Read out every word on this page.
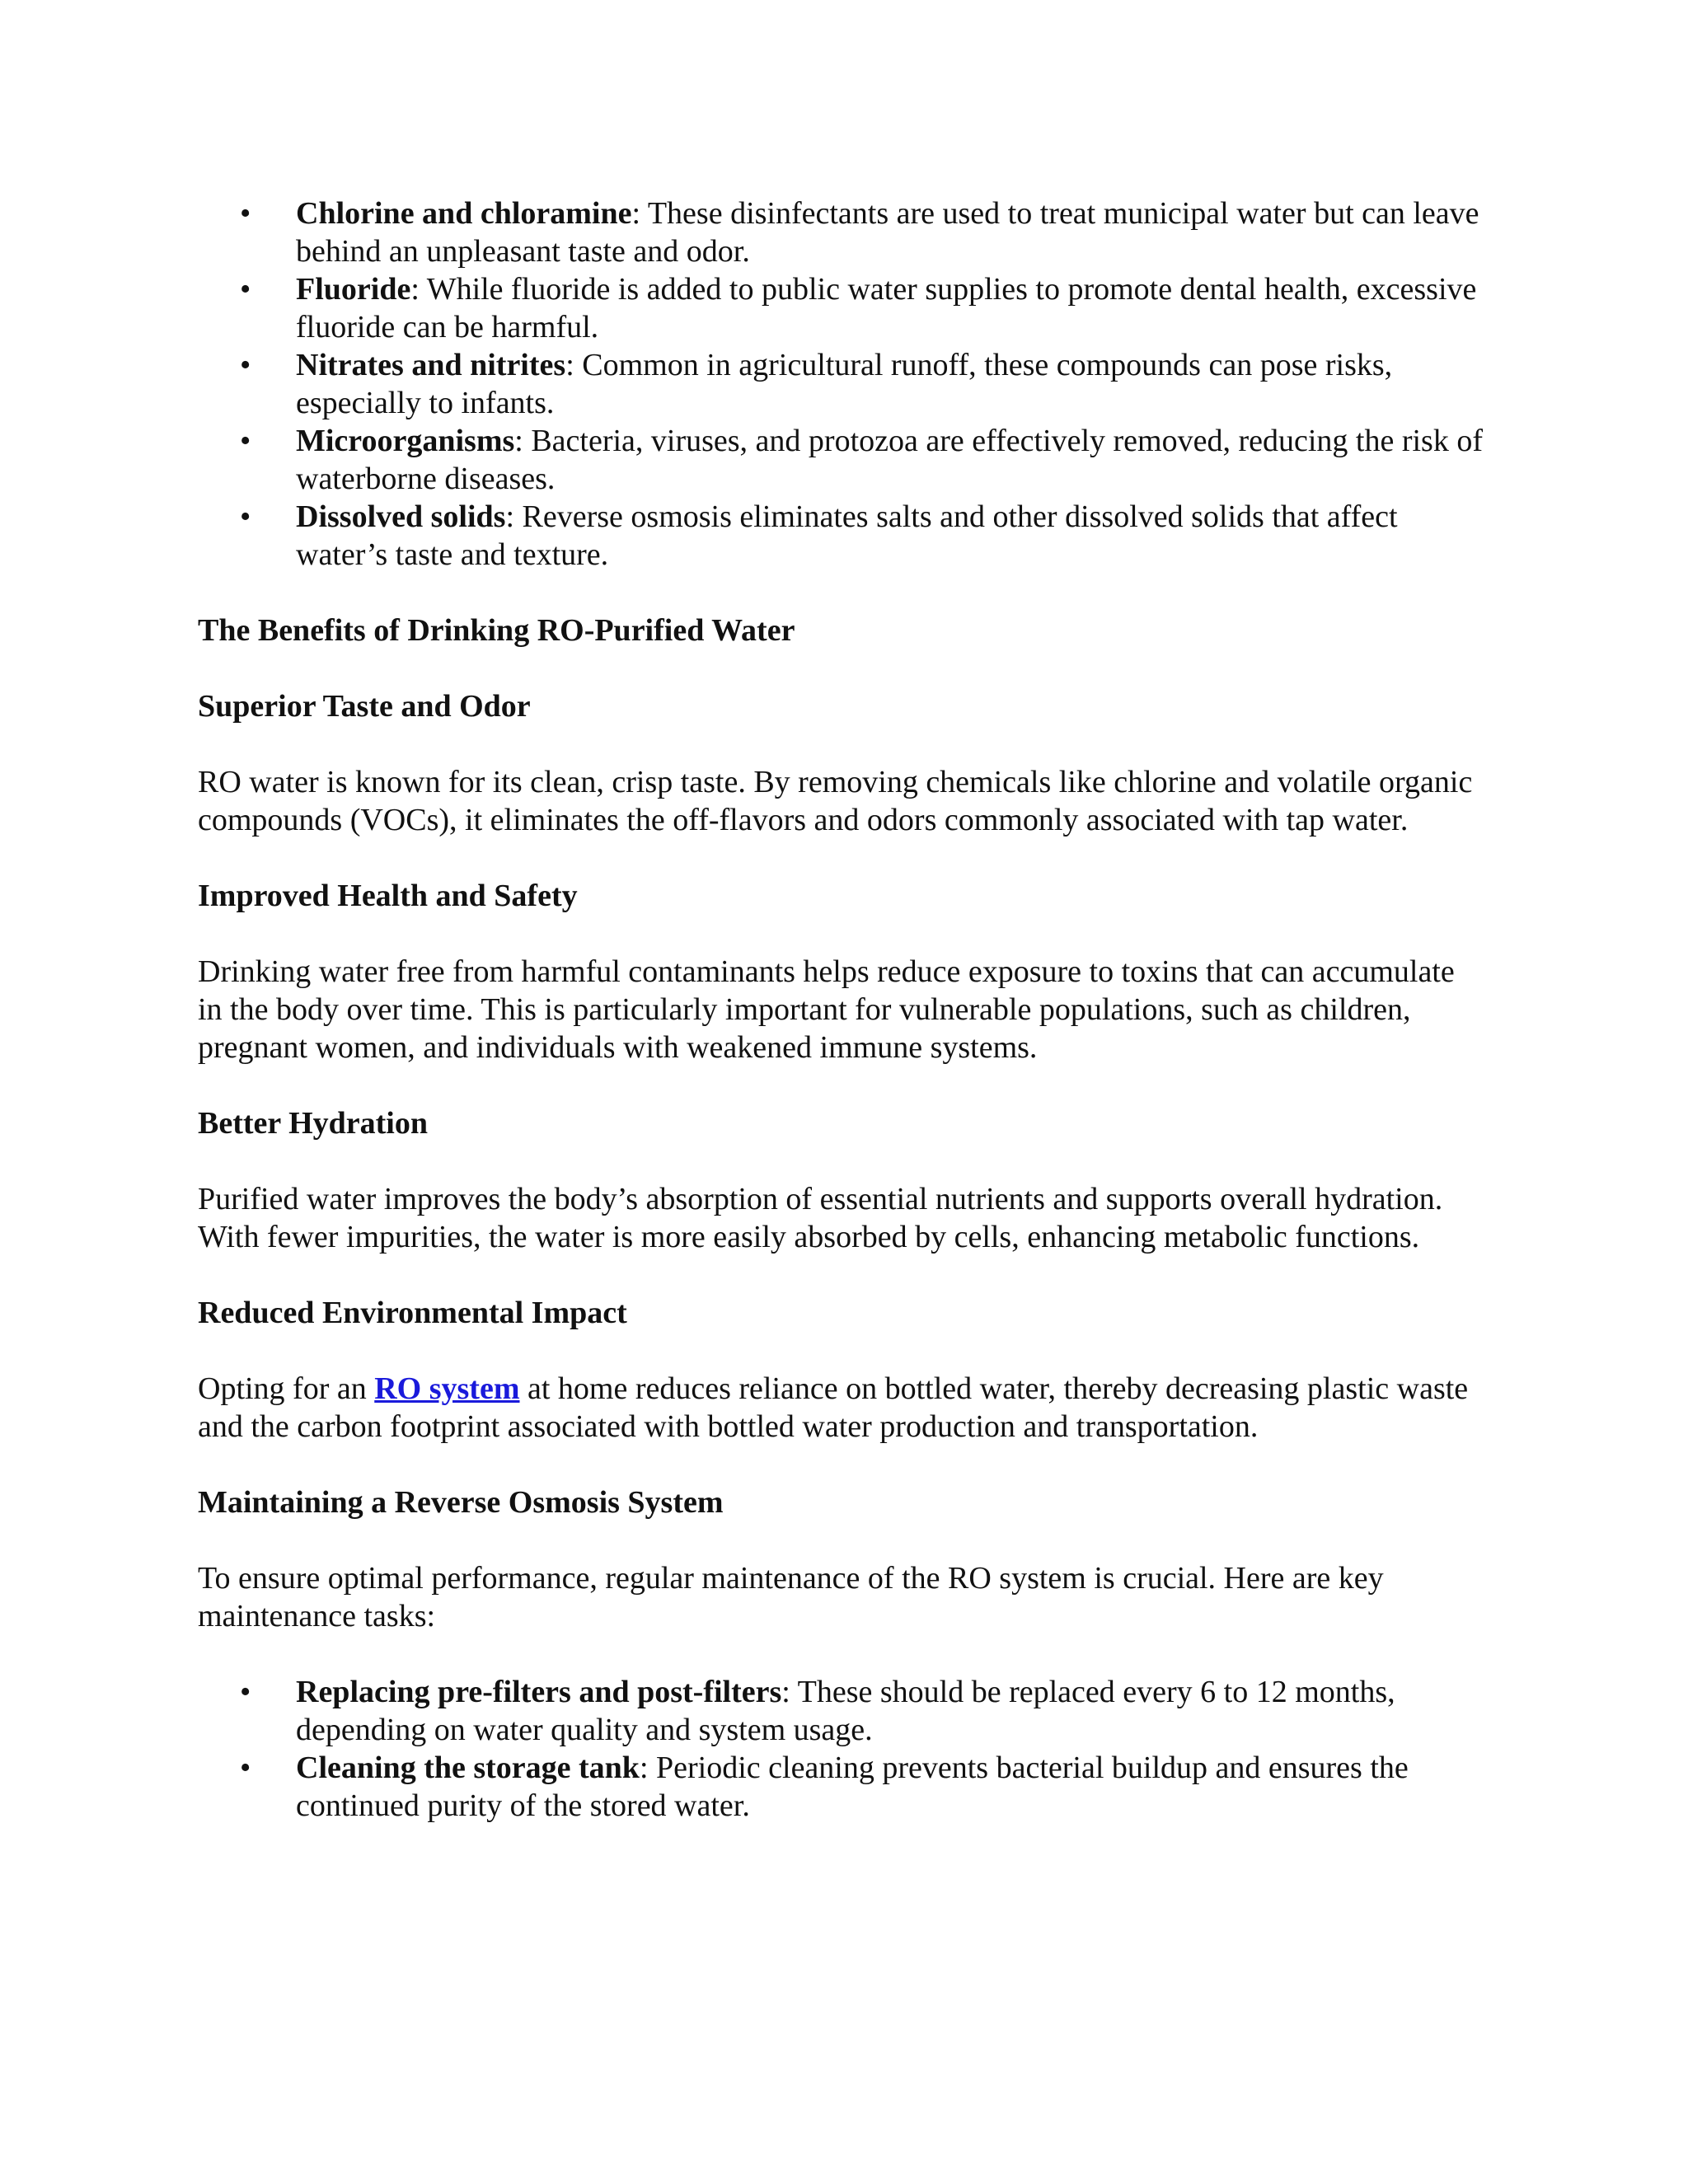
• Chlorine and chloramine: These disinfectants are used to treat municipal water but can leave behind an unpleasant taste and odor.
• Fluoride: While fluoride is added to public water supplies to promote dental health, excessive fluoride can be harmful.
• Nitrates and nitrites: Common in agricultural runoff, these compounds can pose risks, especially to infants.
• Microorganisms: Bacteria, viruses, and protozoa are effectively removed, reducing the risk of waterborne diseases.
• Dissolved solids: Reverse osmosis eliminates salts and other dissolved solids that affect water’s taste and texture.
The Benefits of Drinking RO-Purified Water
Superior Taste and Odor

RO water is known for its clean, crisp taste. By removing chemicals like chlorine and volatile organic compounds (VOCs), it eliminates the off-flavors and odors commonly associated with tap water.

Improved Health and Safety

Drinking water free from harmful contaminants helps reduce exposure to toxins that can accumulate in the body over time. This is particularly important for vulnerable populations, such as children, pregnant women, and individuals with weakened immune systems.

Better Hydration

Purified water improves the body’s absorption of essential nutrients and supports overall hydration. With fewer impurities, the water is more easily absorbed by cells, enhancing metabolic functions.

Reduced Environmental Impact

Opting for an RO system at home reduces reliance on bottled water, thereby decreasing plastic waste and the carbon footprint associated with bottled water production and transportation.

Maintaining a Reverse Osmosis System

To ensure optimal performance, regular maintenance of the RO system is crucial. Here are key maintenance tasks:

• Replacing pre-filters and post-filters: These should be replaced every 6 to 12 months, depending on water quality and system usage.
• Cleaning the storage tank: Periodic cleaning prevents bacterial buildup and ensures the continued purity of the stored water.
